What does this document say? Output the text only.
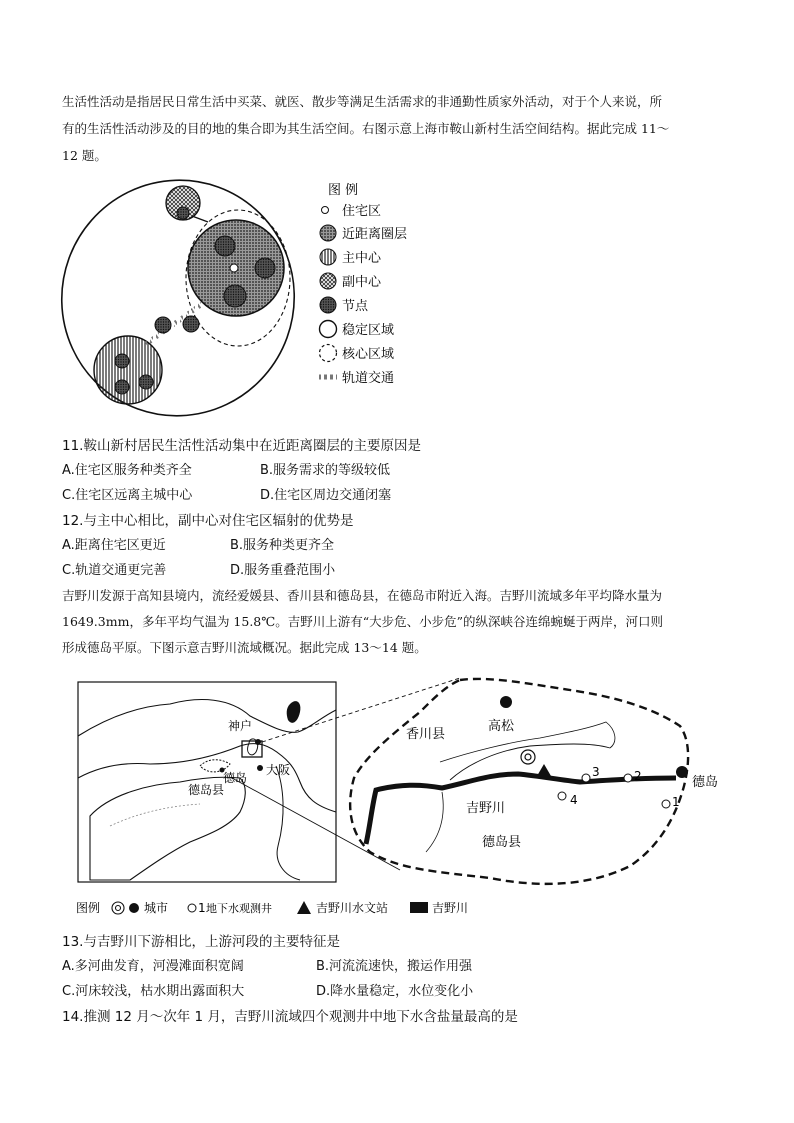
生活性活动是指居民日常生活中买菜、就医、散步等满足生活需求的非通勤性质家外活动，对于个人来说，所
有的生活性活动涉及的目的地的集合即为其生活空间。右图示意上海市鞍山新村生活空间结构。据此完成 11～
12 题。
图 例
住宅区
近距离圈层
主中心
副中心
节点
稳定区域
核心区域
轨道交通
11.鞍山新村居民生活性活动集中在近距离圈层的主要原因是
A.住宅区服务种类齐全	B.服务需求的等级较低
C.住宅区远离主城中心	D.住宅区周边交通闭塞
12.与主中心相比，副中心对住宅区辐射的优势是
A.距离住宅区更近	B.服务种类更齐全
C.轨道交通更完善	D.服务重叠范围小
吉野川发源于高知县境内，流经爱媛县、香川县和德岛县，在德岛市附近入海。吉野川流域多年平均降水量为
1649.3mm，多年平均气温为 15.8℃。吉野川上游有“大步危、小步危”的纵深峡谷连绵蜿蜒于两岸，河口则
形成德岛平原。下图示意吉野川流域概况。据此完成 13～14 题。
神户
大阪
德岛
德岛县
高松
香川县
德岛
吉野川
德岛县
1
2
3
4
图例	城市 1 地下水观测井	吉野川水文站	吉野川
13.与吉野川下游相比，上游河段的主要特征是
A.多河曲发育，河漫滩面积宽阔	B.河流流速快，搬运作用强
C.河床较浅，枯水期出露面积大	D.降水量稳定，水位变化小
14.推测 12 月～次年 1 月，吉野川流域四个观测井中地下水含盐量最高的是
